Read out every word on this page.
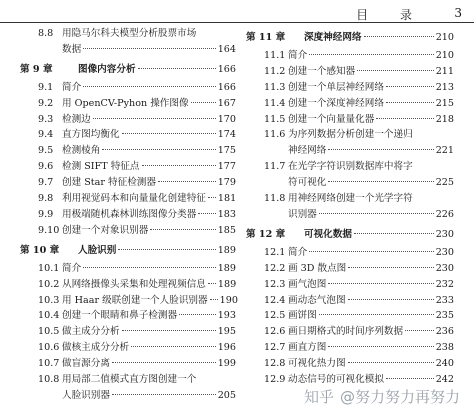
目 录 3
8.8 用隐马尔科夫模型分析股票市场
数据	164
第 9 章	图像内容分析	166
9.1 简介	166
9.2 用 OpenCV-Pyhon 操作图像	167
9.3 检测边	170
9.4 直方图均衡化	174
9.5 检测棱角	175
9.6 检测 SIFT 特征点	177
9.7 创建 Star 特征检测器	179
9.8 利用视觉码本和向量量化创建特征 181
9.9 用极端随机森林训练图像分类器 183
9.10 创建一个对象识别器	185
第 10 章 人脸识别	189
10.1 简介	189
10.2 从网络摄像头采集和处理视频信息 189
10.3 用 Haar 级联创建一个人脸识别器 190
10.4 创建一个眼睛和鼻子检测器	193
10.5 做主成分分析	195
10.6 做核主成分分析	196
10.7 做盲源分离	199
10.8 用局部二值模式直方图创建一个
人脸识别器	205
第 11 章 深度神经网络	210
11.1 简介	210
11.2 创建一个感知器	211
11.3 创建一个单层神经网络	213
11.4 创建一个深度神经网络	215
11.5 创建一个向量量化器	218
11.6 为序列数据分析创建一个递归
神经网络	221
11.7 在光学字符识别数据库中将字
符可视化	225
11.8 用神经网络创建一个光学字符
识别器	226
第 12 章 可视化数据	230
12.1 简介	230
12.2 画 3D 散点图	230
12.3 画气泡图	232
12.4 画动态气泡图	233
12.5 画饼图	235
12.6 画日期格式的时间序列数据	236
12.7 画直方图	238
12.8 可视化热力图	240
12.9 动态信号的可视化模拟	242
知乎 @努力努力再努力
